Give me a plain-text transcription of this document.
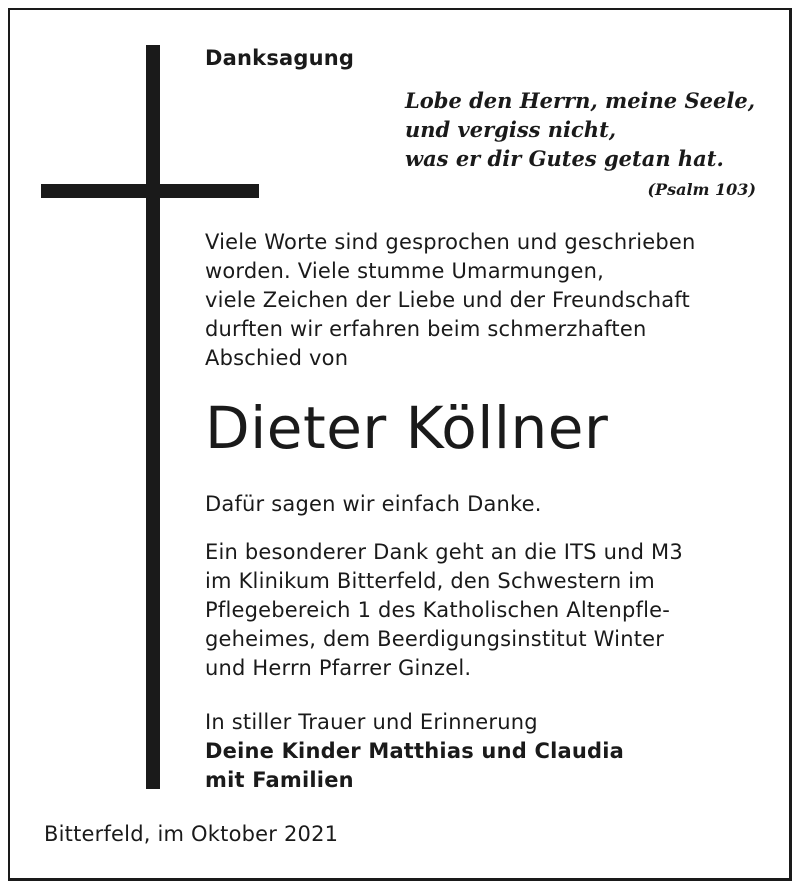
Danksagung
Lobe den Herrn, meine Seele,
und vergiss nicht,
was er dir Gutes getan hat.
(Psalm 103)
Viele Worte sind gesprochen und geschrieben
worden. Viele stumme Umarmungen,
viele Zeichen der Liebe und der Freundschaft
durften wir erfahren beim schmerzhaften
Abschied von
Dieter Köllner
Dafür sagen wir einfach Danke.
Ein besonderer Dank geht an die ITS und M3
im Klinikum Bitterfeld, den Schwestern im
Pflegebereich 1 des Katholischen Altenpfle-
geheimes, dem Beerdigungsinstitut Winter
und Herrn Pfarrer Ginzel.
In stiller Trauer und Erinnerung
Deine Kinder Matthias und Claudia
mit Familien
Bitterfeld, im Oktober 2021
